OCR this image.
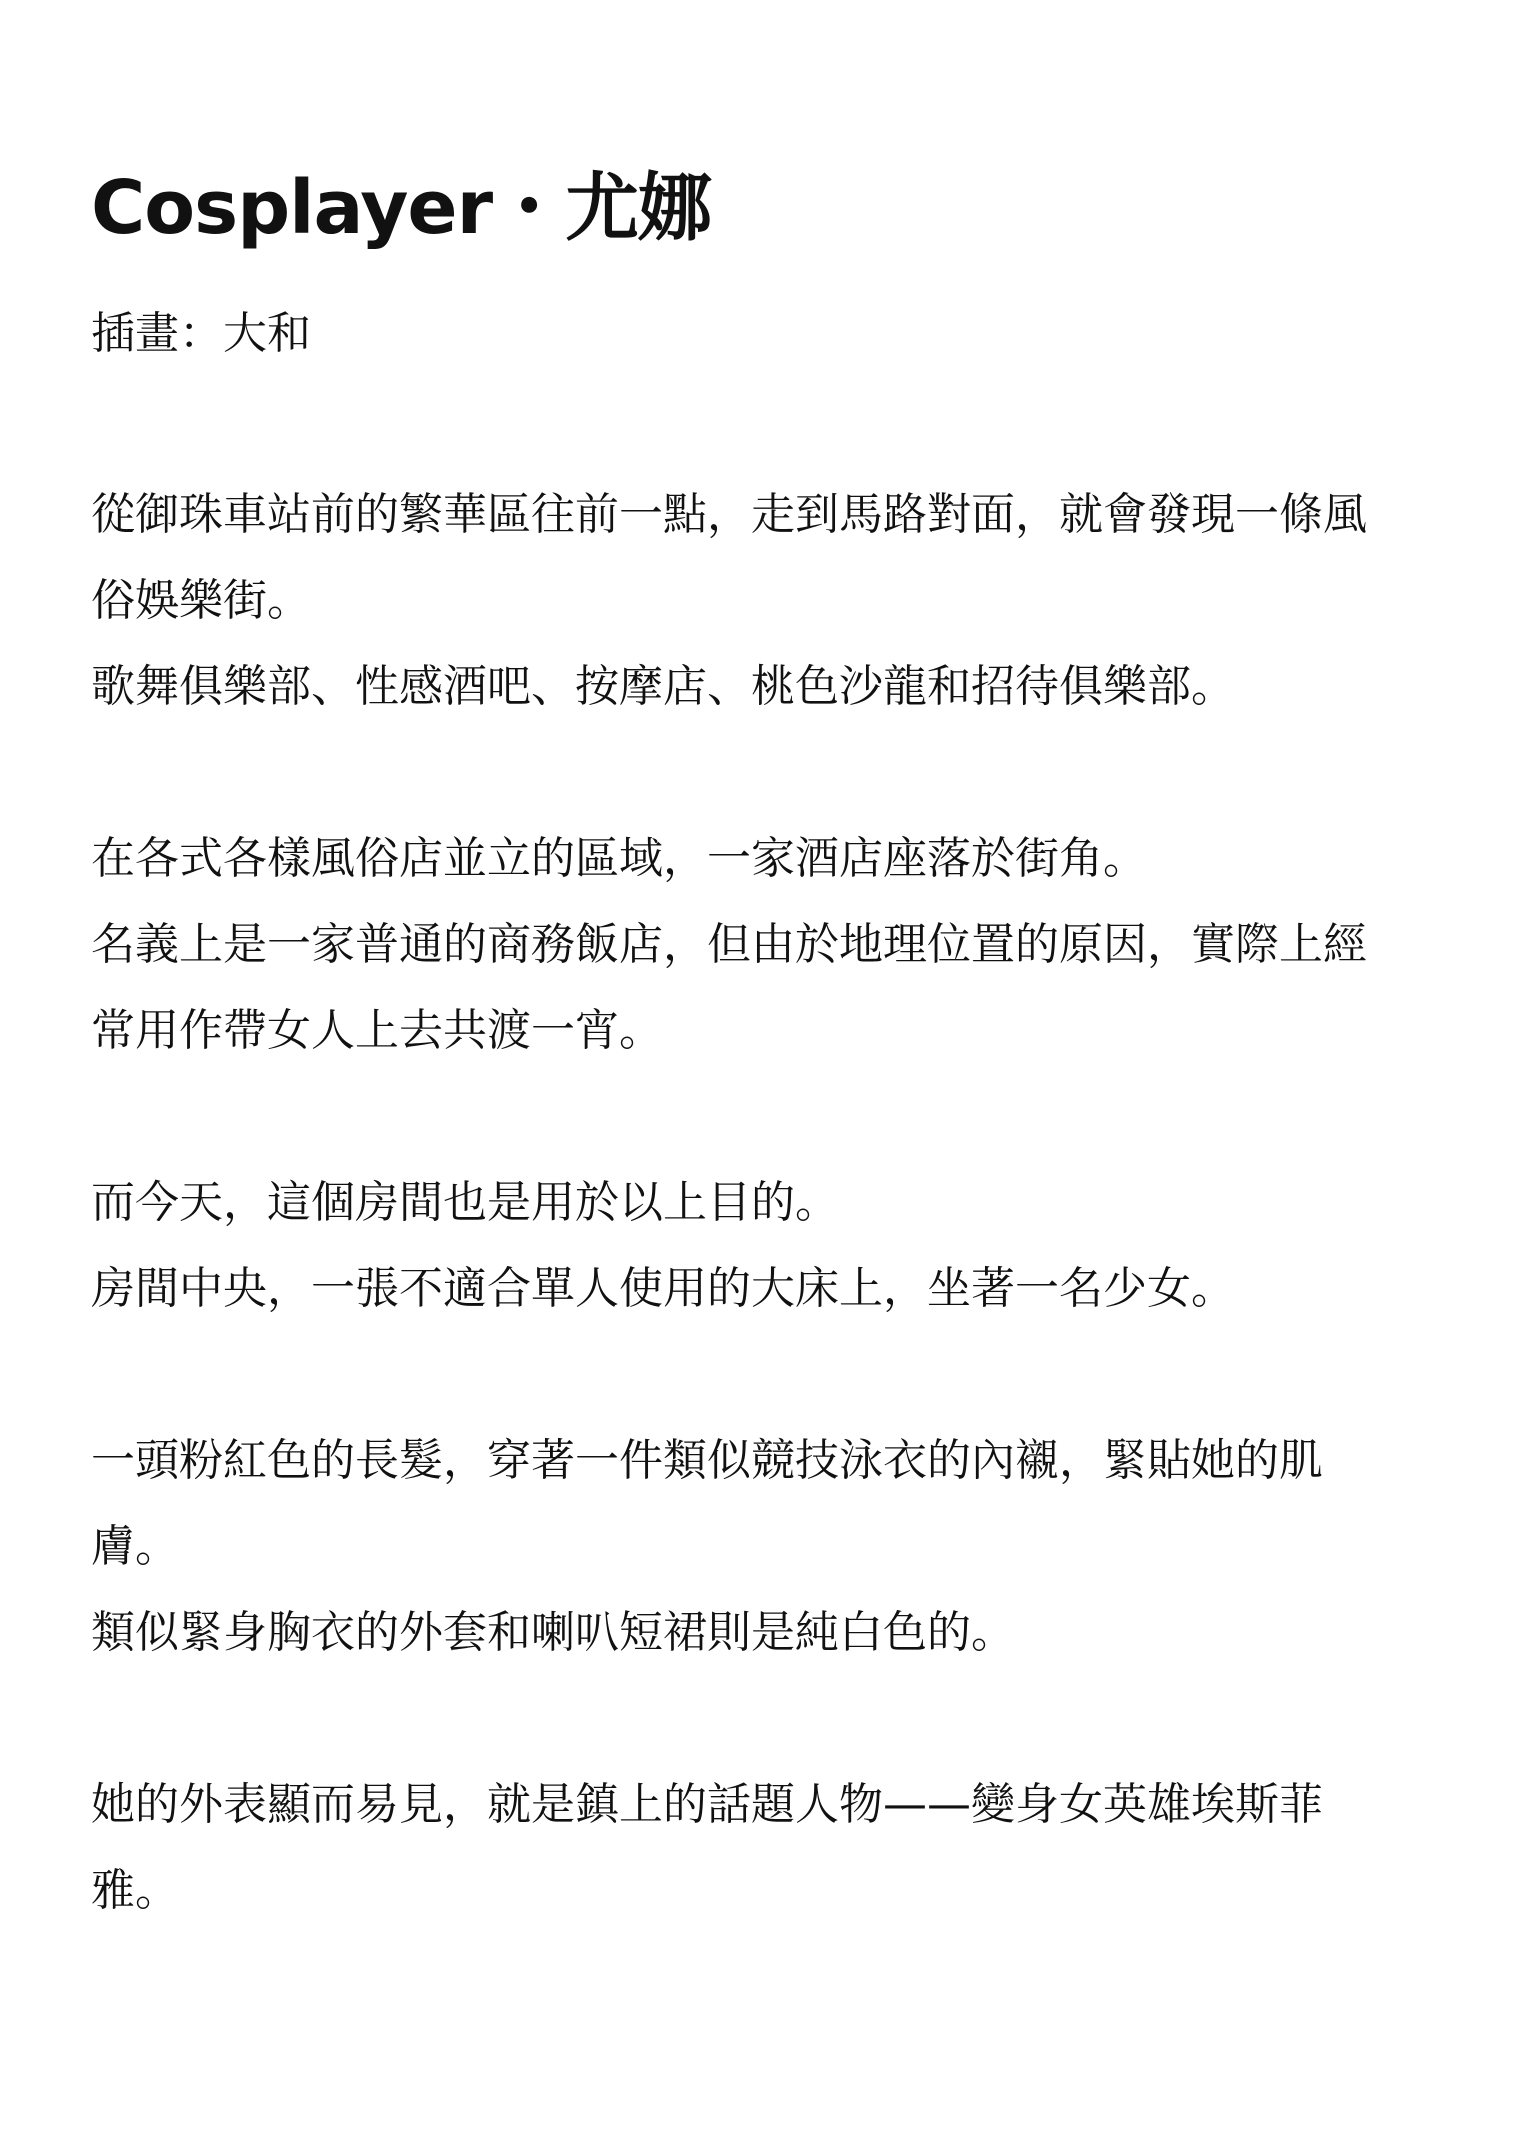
Cosplayer・尤娜
插畫：大和

從御珠車站前的繁華區往前一點，走到馬路對面，就會發現一條風
俗娛樂街。
歌舞俱樂部、性感酒吧、按摩店、桃色沙龍和招待俱樂部。

在各式各樣風俗店並立的區域，一家酒店座落於街角。
名義上是一家普通的商務飯店，但由於地理位置的原因，實際上經
常用作帶女人上去共渡一宵。

而今天，這個房間也是用於以上目的。
房間中央，一張不適合單人使用的大床上，坐著一名少女。

一頭粉紅色的長髮，穿著一件類似競技泳衣的內襯，緊貼她的肌
膚。
類似緊身胸衣的外套和喇叭短裙則是純白色的。

她的外表顯而易見，就是鎮上的話題人物——變身女英雄埃斯菲
雅。
